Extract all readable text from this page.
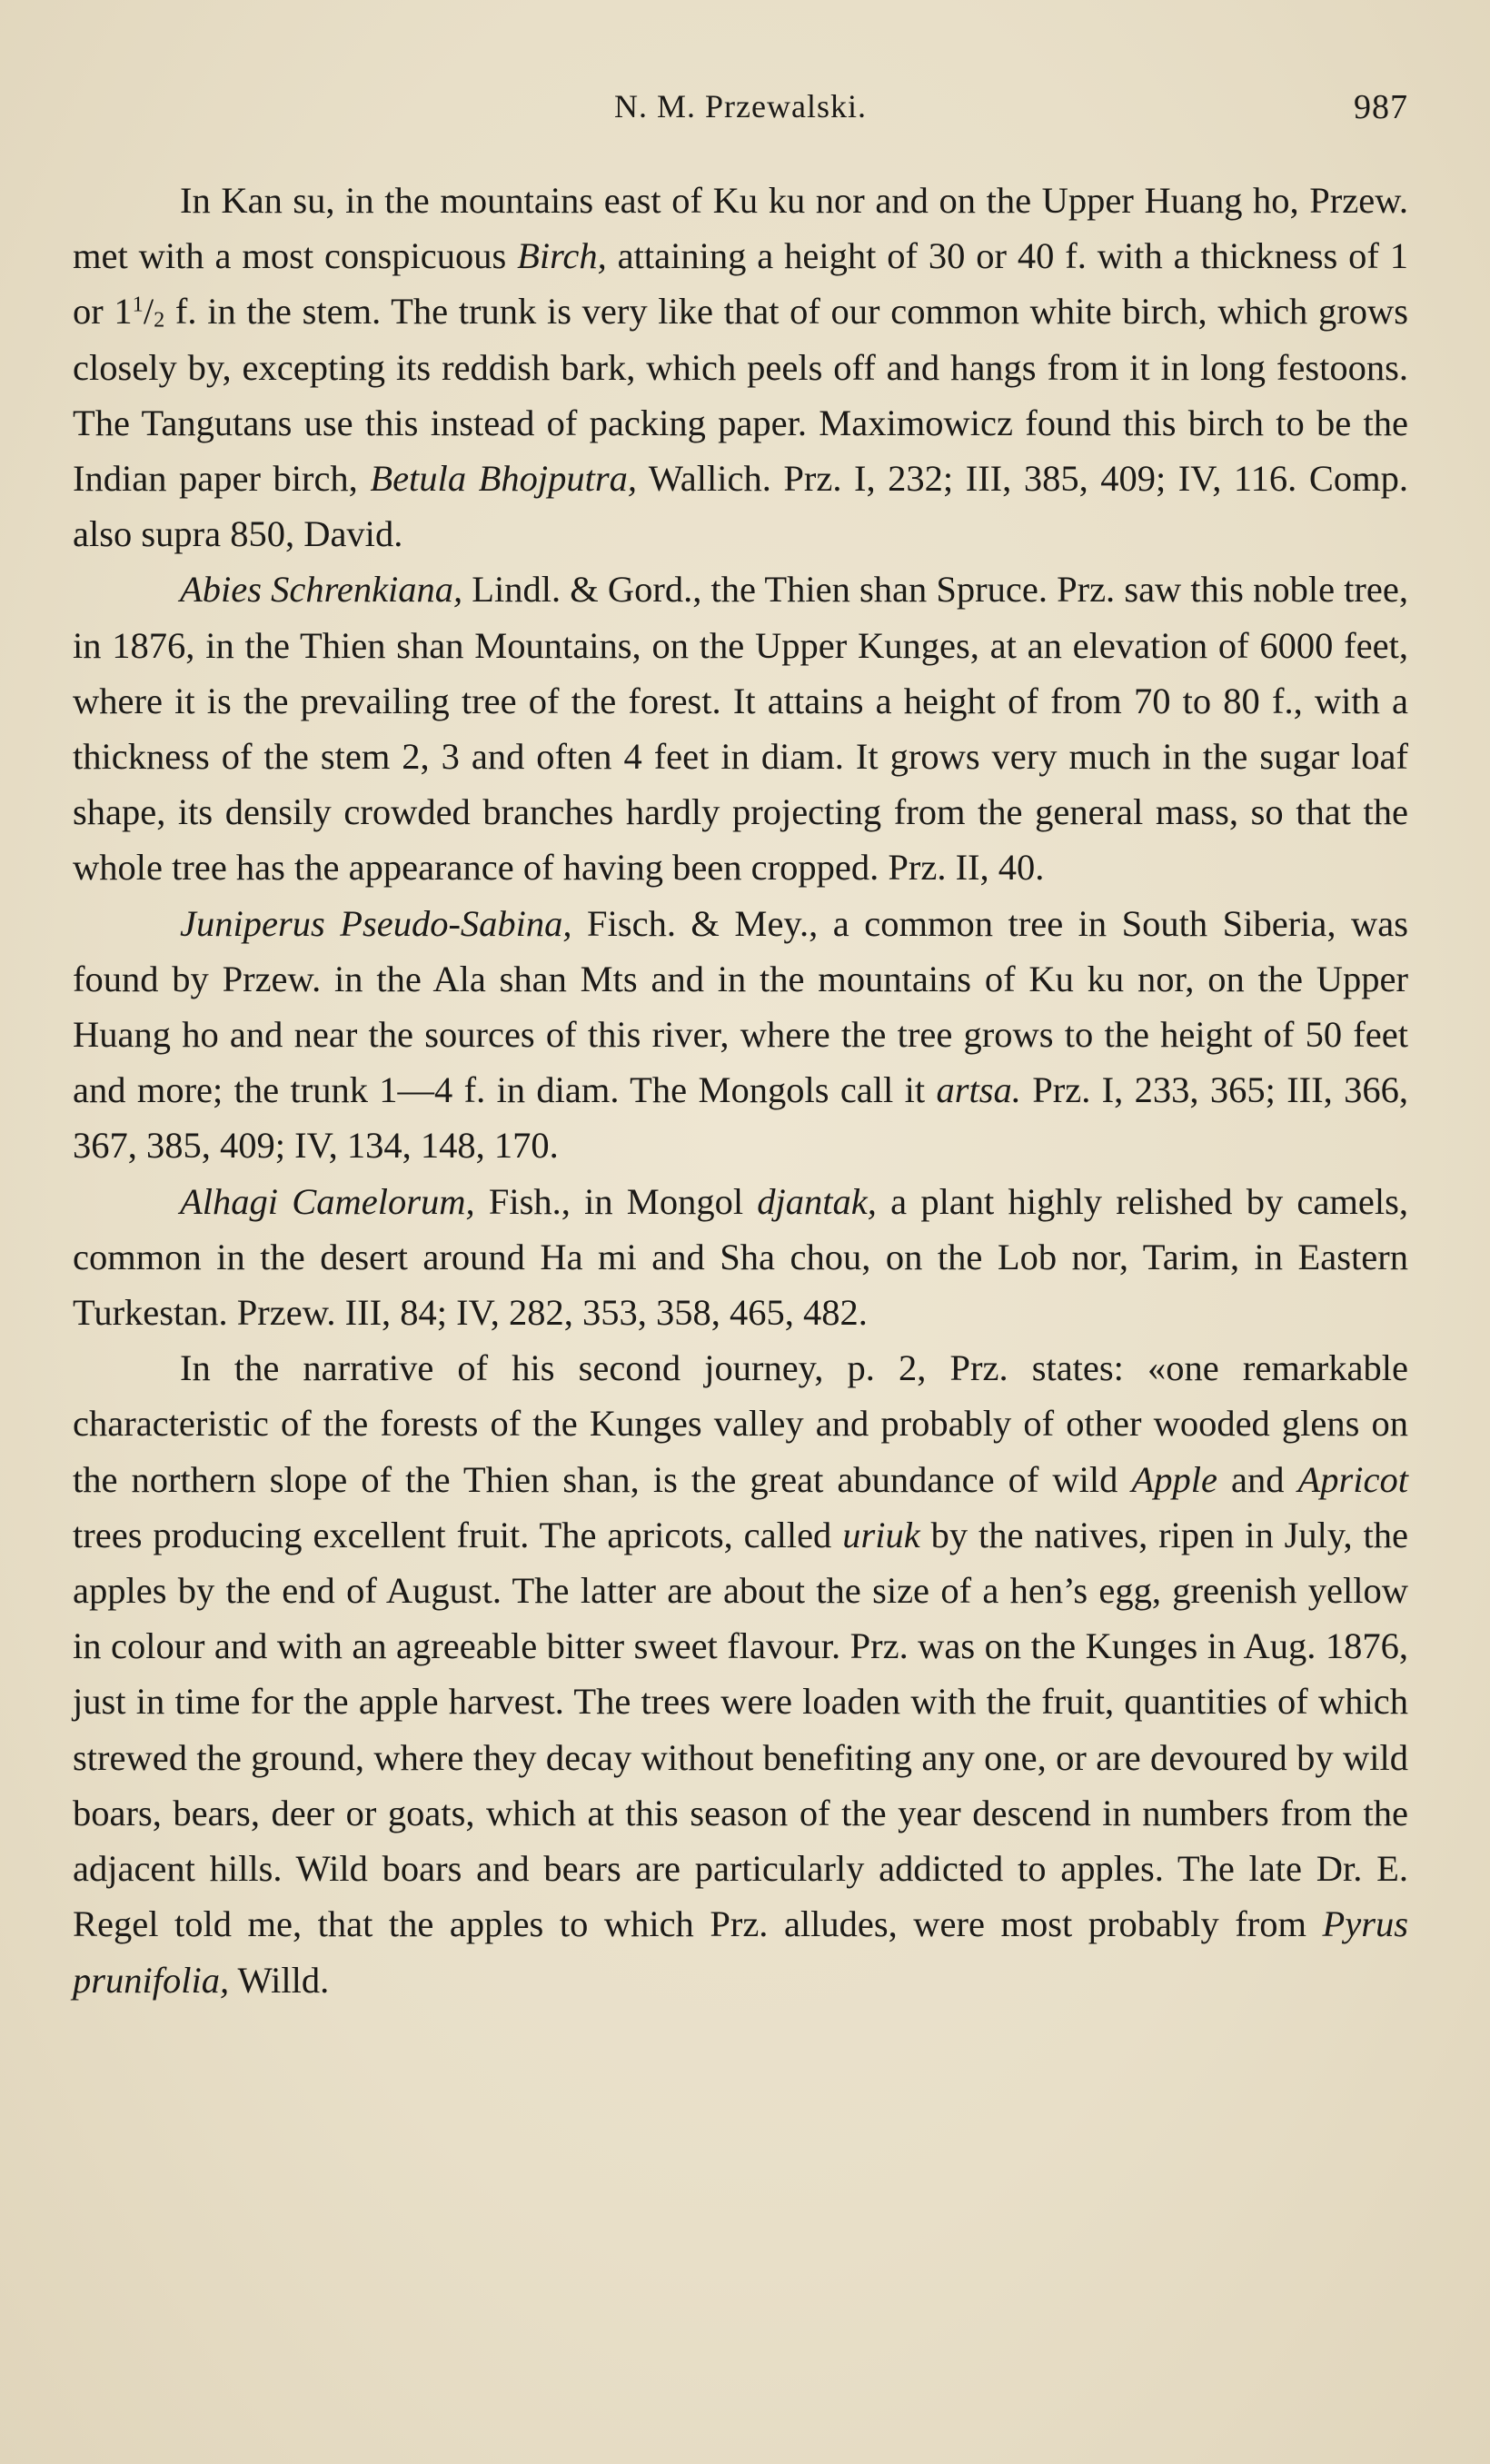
N. M. Przewalski.	987

In Kan su, in the mountains east of Ku ku nor and on the Upper Huang ho, Przew. met with a most conspicuous Birch, attaining a height of 30 or 40 f. with a thickness of 1 or $1^1/_2$ f. in the stem. The trunk is very like that of our common white birch, which grows closely by, excepting its reddish bark, which peels off and hangs from it in long festoons. The Tangutans use this instead of packing paper. Maximowicz found this birch to be the Indian paper birch, Betula Bhojputra, Wallich. Prz. I, 232; III, 385, 409; IV, 116. Comp. also supra 850, David.

Abies Schrenkiana, Lindl. & Gord., the Thien shan Spruce. Prz. saw this noble tree, in 1876, in the Thien shan Mountains, on the Upper Kunges, at an elevation of 6000 feet, where it is the prevailing tree of the forest. It attains a height of from 70 to 80 f., with a thickness of the stem 2, 3 and often 4 feet in diam. It grows very much in the sugar loaf shape, its densily crowded branches hardly projecting from the general mass, so that the whole tree has the appearance of having been cropped. Prz. II, 40.

Juniperus Pseudo-Sabina, Fisch. & Mey., a common tree in South Siberia, was found by Przew. in the Ala shan Mts and in the mountains of Ku ku nor, on the Upper Huang ho and near the sources of this river, where the tree grows to the height of 50 feet and more; the trunk 1—4 f. in diam. The Mongols call it artsa. Prz. I, 233, 365; III, 366, 367, 385, 409; IV, 134, 148, 170.

Alhagi Camelorum, Fish., in Mongol djantak, a plant highly relished by camels, common in the desert around Ha mi and Sha chou, on the Lob nor, Tarim, in Eastern Turkestan. Przew. III, 84; IV, 282, 353, 358, 465, 482.

In the narrative of his second journey, p. 2, Prz. states: «one remarkable characteristic of the forests of the Kunges valley and probably of other wooded glens on the northern slope of the Thien shan, is the great abundance of wild Apple and Apricot trees producing excellent fruit. The apricots, called uriuk by the natives, ripen in July, the apples by the end of August. The latter are about the size of a hen’s egg, greenish yellow in colour and with an agreeable bitter sweet flavour. Prz. was on the Kunges in Aug. 1876, just in time for the apple harvest. The trees were loaden with the fruit, quantities of which strewed the ground, where they decay without benefiting any one, or are devoured by wild boars, bears, deer or goats, which at this season of the year descend in numbers from the adjacent hills. Wild boars and bears are particularly addicted to apples. The late Dr. E. Regel told me, that the apples to which Prz. alludes, were most probably from Pyrus prunifolia, Willd.
